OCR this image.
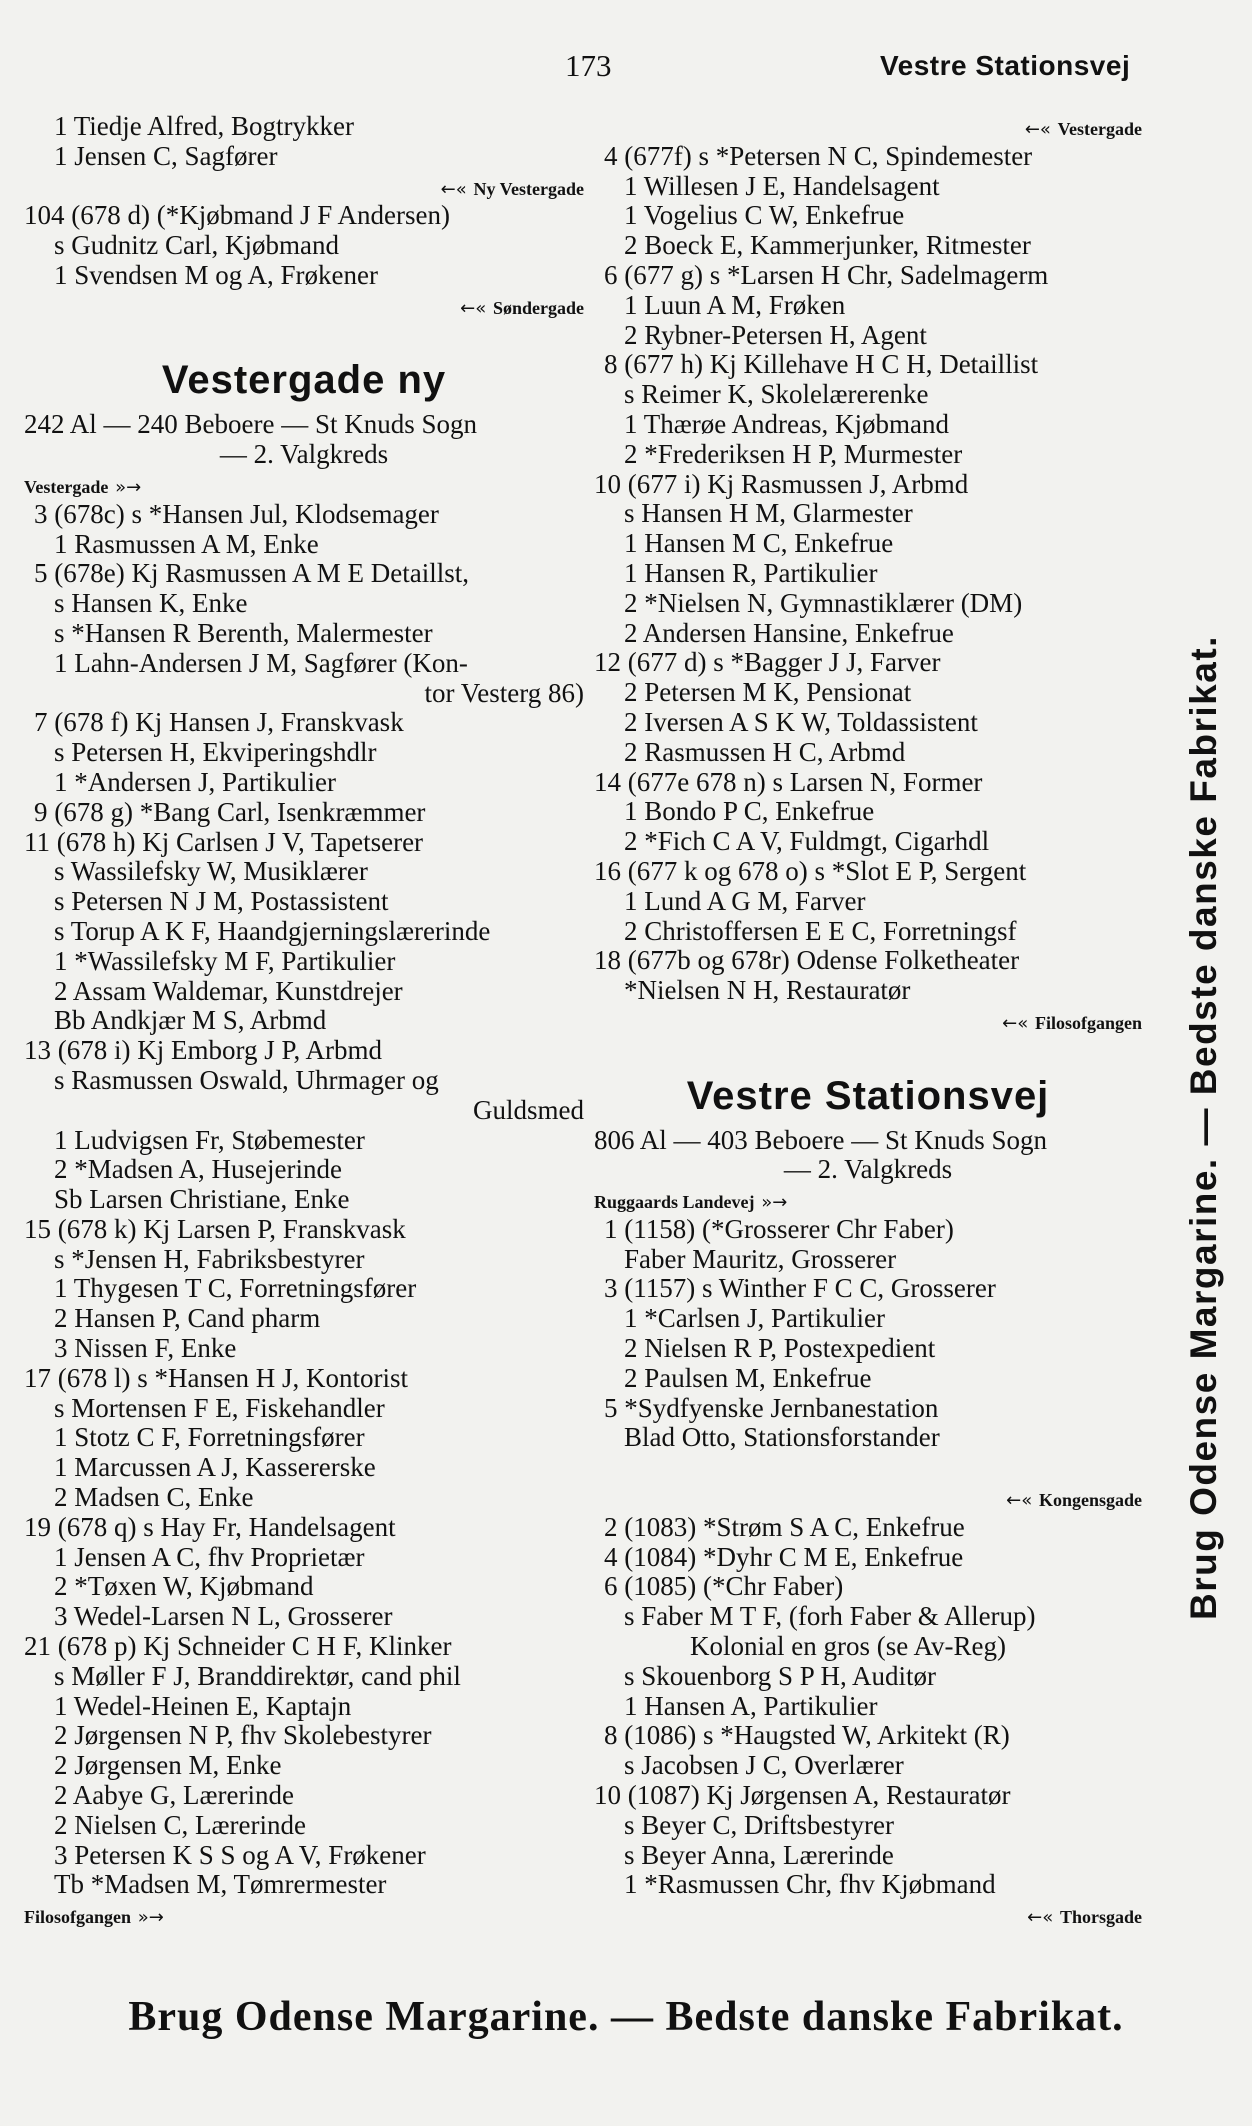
173	Vestre Stationsvej
1 Tiedje Alfred, Bogtrykker
1 Jensen C, Sagfører
←« Ny Vestergade
104 (678 d) (*Kjøbmand J F Andersen)
s Gudnitz Carl, Kjøbmand
1 Svendsen M og A, Frøkener
←« Søndergade
Vestergade ny
242 Al — 240 Beboere — St Knuds Sogn
— 2. Valgkreds
Vestergade »→
3 (678c) s *Hansen Jul, Klodsemager
1 Rasmussen A M, Enke
5 (678e) Kj Rasmussen A M E Detaillst,
s Hansen K, Enke
s *Hansen R Berenth, Malermester
1 Lahn-Andersen J M, Sagfører (Kon-
tor Vesterg 86)
7 (678 f) Kj Hansen J, Franskvask
s Petersen H, Ekviperingshdlr
1 *Andersen J, Partikulier
9 (678 g) *Bang Carl, Isenkræmmer
11 (678 h) Kj Carlsen J V, Tapetserer
s Wassilefsky W, Musiklærer
s Petersen N J M, Postassistent
s Torup A K F, Haandgjerningslærerinde
1 *Wassilefsky M F, Partikulier
2 Assam Waldemar, Kunstdrejer
Bb Andkjær M S, Arbmd
13 (678 i) Kj Emborg J P, Arbmd
s Rasmussen Oswald, Uhrmager og
Guldsmed
1 Ludvigsen Fr, Støbemester
2 *Madsen A, Husejerinde
Sb Larsen Christiane, Enke
15 (678 k) Kj Larsen P, Franskvask
s *Jensen H, Fabriksbestyrer
1 Thygesen T C, Forretningsfører
2 Hansen P, Cand pharm
3 Nissen F, Enke
17 (678 l) s *Hansen H J, Kontorist
s Mortensen F E, Fiskehandler
1 Stotz C F, Forretningsfører
1 Marcussen A J, Kassererske
2 Madsen C, Enke
19 (678 q) s Hay Fr, Handelsagent
1 Jensen A C, fhv Proprietær
2 *Tøxen W, Kjøbmand
3 Wedel-Larsen N L, Grosserer
21 (678 p) Kj Schneider C H F, Klinker
s Møller F J, Branddirektør, cand phil
1 Wedel-Heinen E, Kaptajn
2 Jørgensen N P, fhv Skolebestyrer
2 Jørgensen M, Enke
2 Aabye G, Lærerinde
2 Nielsen C, Lærerinde
3 Petersen K S S og A V, Frøkener
Tb *Madsen M, Tømrermester
Filosofgangen »→
←« Vestergade
4 (677f) s *Petersen N C, Spindemester
1 Willesen J E, Handelsagent
1 Vogelius C W, Enkefrue
2 Boeck E, Kammerjunker, Ritmester
6 (677 g) s *Larsen H Chr, Sadelmagerm
1 Luun A M, Frøken
2 Rybner-Petersen H, Agent
8 (677 h) Kj Killehave H C H, Detaillist
s Reimer K, Skolelærerenke
1 Thærøe Andreas, Kjøbmand
2 *Frederiksen H P, Murmester
10 (677 i) Kj Rasmussen J, Arbmd
s Hansen H M, Glarmester
1 Hansen M C, Enkefrue
1 Hansen R, Partikulier
2 *Nielsen N, Gymnastiklærer (DM)
2 Andersen Hansine, Enkefrue
12 (677 d) s *Bagger J J, Farver
2 Petersen M K, Pensionat
2 Iversen A S K W, Toldassistent
2 Rasmussen H C, Arbmd
14 (677e 678 n) s Larsen N, Former
1 Bondo P C, Enkefrue
2 *Fich C A V, Fuldmgt, Cigarhdl
16 (677 k og 678 o) s *Slot E P, Sergent
1 Lund A G M, Farver
2 Christoffersen E E C, Forretningsf
18 (677b og 678r) Odense Folketheater
*Nielsen N H, Restauratør
←« Filosofgangen
Vestre Stationsvej
806 Al — 403 Beboere — St Knuds Sogn
— 2. Valgkreds
Ruggaards Landevej »→
1 (1158) (*Grosserer Chr Faber)
Faber Mauritz, Grosserer
3 (1157) s Winther F C C, Grosserer
1 *Carlsen J, Partikulier
2 Nielsen R P, Postexpedient
2 Paulsen M, Enkefrue
5 *Sydfyenske Jernbanestation
Blad Otto, Stationsforstander
←« Kongensgade
2 (1083) *Strøm S A C, Enkefrue
4 (1084) *Dyhr C M E, Enkefrue
6 (1085) (*Chr Faber)
s Faber M T F, (forh Faber & Allerup)
Kolonial en gros (se Av-Reg)
s Skouenborg S P H, Auditør
1 Hansen A, Partikulier
8 (1086) s *Haugsted W, Arkitekt (R)
s Jacobsen J C, Overlærer
10 (1087) Kj Jørgensen A, Restauratør
s Beyer C, Driftsbestyrer
s Beyer Anna, Lærerinde
1 *Rasmussen Chr, fhv Kjøbmand
←« Thorsgade
Brug Odense Margarine. — Bedste danske Fabrikat.
Brug Odense Margarine. — Bedste danske Fabrikat.
